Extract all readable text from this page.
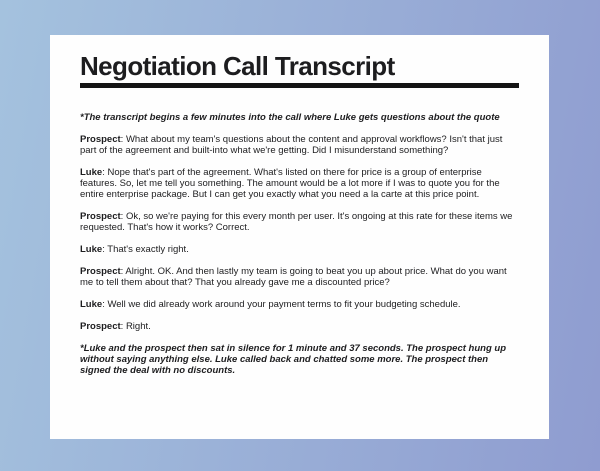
Negotiation Call Transcript

*The transcript begins a few minutes into the call where Luke gets questions about the quote

Prospect: What about my team's questions about the content and approval workflows? Isn't that just part of the agreement and built-into what we're getting. Did I misunderstand something?

Luke: Nope that's part of the agreement. What's listed on there for price is a group of enterprise features. So, let me tell you something. The amount would be a lot more if I was to quote you for the entire enterprise package. But I can get you exactly what you need a la carte at this price point.

Prospect: Ok, so we're paying for this every month per user. It's ongoing at this rate for these items we requested. That's how it works? Correct.

Luke: That's exactly right.

Prospect: Alright. OK. And then lastly my team is going to beat you up about price. What do you want me to tell them about that? That you already gave me a discounted price?

Luke: Well we did already work around your payment terms to fit your budgeting schedule.

Prospect: Right.

*Luke and the prospect then sat in silence for 1 minute and 37 seconds. The prospect hung up without saying anything else. Luke called back and chatted some more. The prospect then signed the deal with no discounts.
